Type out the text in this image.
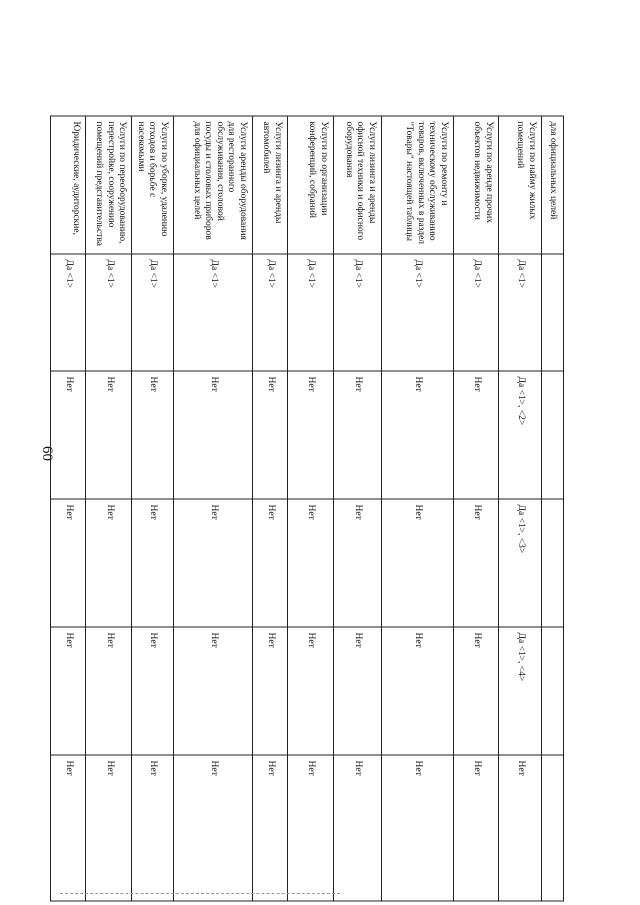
60
для официальных целей					
Услуги по найму жилых помещений	Да <1>	Да <1>, <2>	Да <1>, <3>	Да <1>, <4>	Нет
Услуги по аренде прочих объектов недвижимости	Да <1>	Нет	Нет	Нет	Нет
Услуги по ремонту и техническому обслуживанию товаров, включенных в раздел "Товары" настоящей таблицы	Да <1>	Нет	Нет	Нет	Нет
Услуги лизинга и аренды офисной техники и офисного оборудования	Да <1>	Нет	Нет	Нет	Нет
Услуги по организации конференций, собраний	Да <1>	Нет	Нет	Нет	Нет
Услуги лизинга и аренды автомобилей	Да <1>	Нет	Нет	Нет	Нет
Услуги аренды оборудования для ресторанного обслуживания, столовой посуды и столовых приборов для официальных целей	Да <1>	Нет	Нет	Нет	Нет
Услуги по уборке, удалению отходов и борьбе с насекомыми	Да <1>	Нет	Нет	Нет	Нет
Услуги по переоборудованию, перестройке, сооружению помещений представительства	Да <1>	Нет	Нет	Нет	Нет
Юридические, аудиторские,	Да <1>	Нет	Нет	Нет	Нет
